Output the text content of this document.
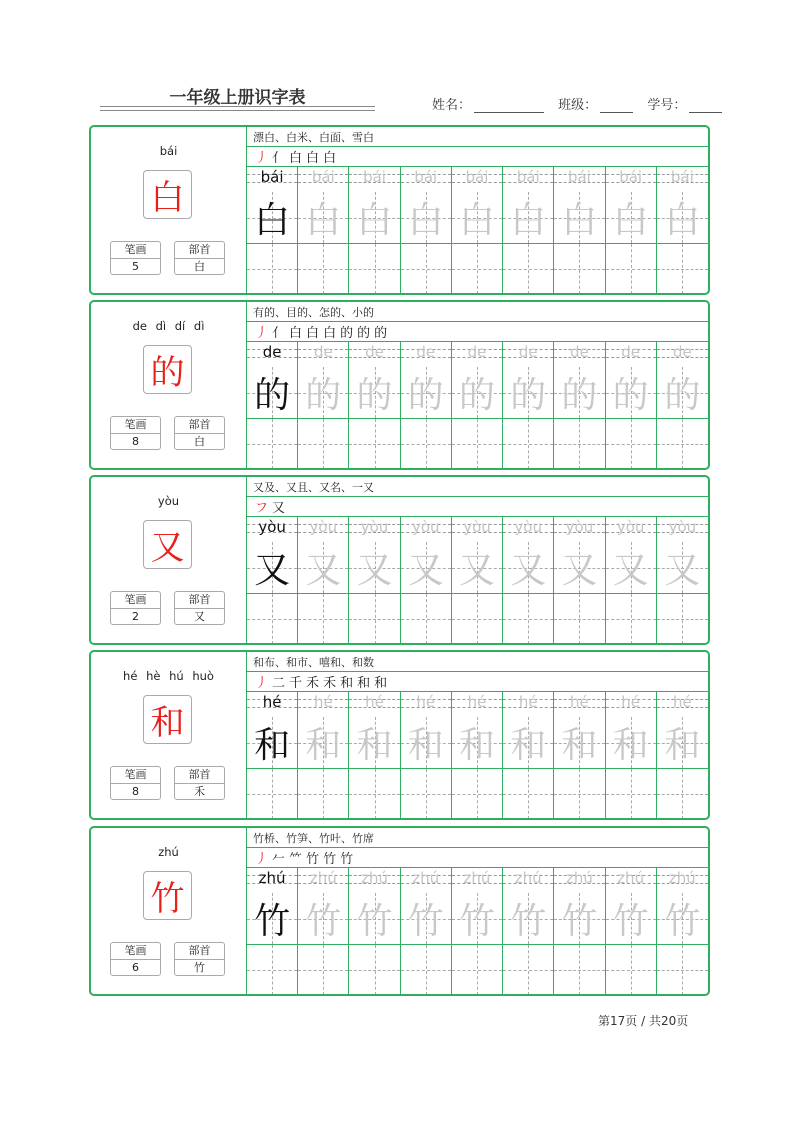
一年级上册识字表	姓名：	班级：	学号：
bái
白
笔画
5
部首
白
漂白、白米、白面、雪白
丿 亻 白 白 白
bái
白
bái
白
bái
白
bái
白
bái
白
bái
白
bái
白
bái
白
bái
白
de dì dí dì
的
笔画
8
部首
白
有的、目的、怎的、小的
丿 亻 白 白 白 的 的 的
de
的
de
的
de
的
de
的
de
的
de
的
de
的
de
的
de
的
yòu
又
笔画
2
部首
又
又及、又且、又名、一又
フ 又
yòu
又
yòu
又
yòu
又
yòu
又
yòu
又
yòu
又
yòu
又
yòu
又
yòu
又
hé hè hú huò
和
笔画
8
部首
禾
和布、和市、嘻和、和数
丿 二 千 禾 禾 和 和 和
hé
和
hé
和
hé
和
hé
和
hé
和
hé
和
hé
和
hé
和
hé
和
zhú
竹
笔画
6
部首
竹
竹桥、竹笋、竹叶、竹席
丿 𠂉 ⺮ 竹 竹 竹
zhú
竹
zhú
竹
zhú
竹
zhú
竹
zhú
竹
zhú
竹
zhú
竹
zhú
竹
zhú
竹
第17页 / 共20页
